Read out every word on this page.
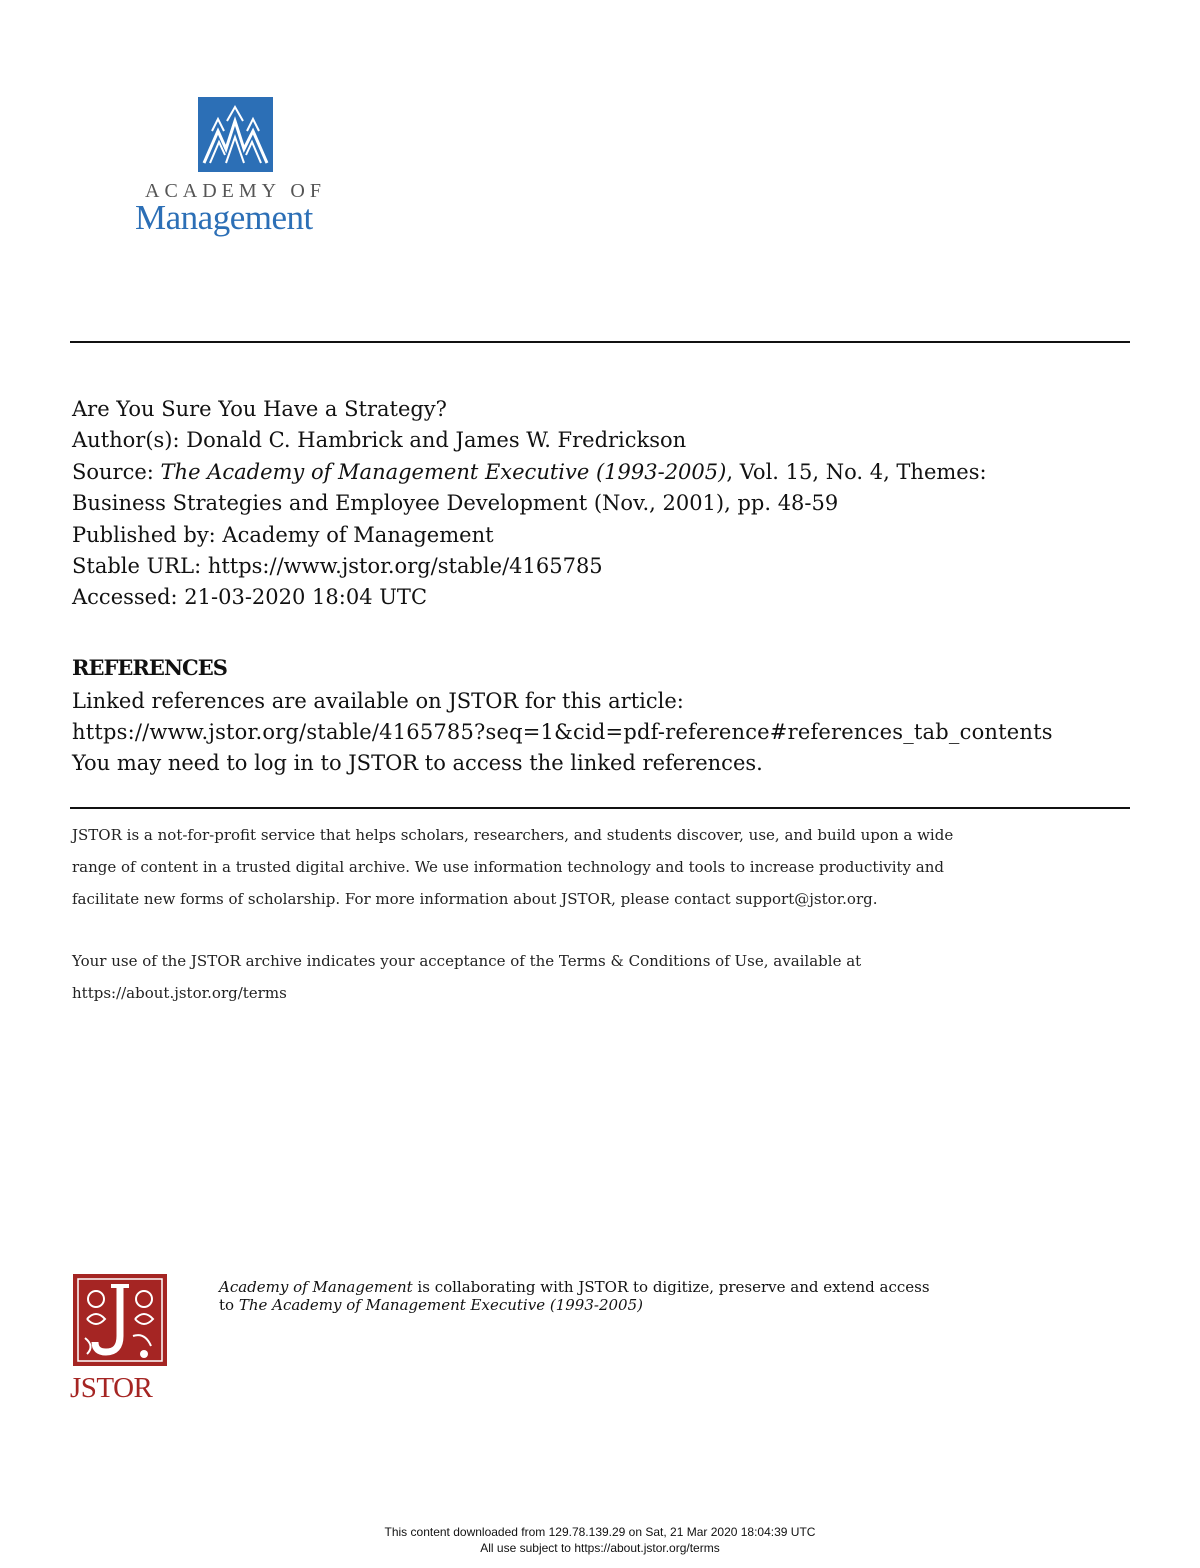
ACADEMY OF
Management
Are You Sure You Have a Strategy?
Author(s): Donald C. Hambrick and James W. Fredrickson
Source: The Academy of Management Executive (1993-2005), Vol. 15, No. 4, Themes:
Business Strategies and Employee Development (Nov., 2001), pp. 48-59
Published by: Academy of Management
Stable URL: https://www.jstor.org/stable/4165785
Accessed: 21-03-2020 18:04 UTC
REFERENCES
Linked references are available on JSTOR for this article:
https://www.jstor.org/stable/4165785?seq=1&cid=pdf-reference#references_tab_contents
You may need to log in to JSTOR to access the linked references.
JSTOR is a not-for-profit service that helps scholars, researchers, and students discover, use, and build upon a wide
range of content in a trusted digital archive. We use information technology and tools to increase productivity and
facilitate new forms of scholarship. For more information about JSTOR, please contact support@jstor.org.
Your use of the JSTOR archive indicates your acceptance of the Terms & Conditions of Use, available at
https://about.jstor.org/terms
JSTOR
Academy of Management is collaborating with JSTOR to digitize, preserve and extend access
to The Academy of Management Executive (1993-2005)
This content downloaded from 129.78.139.29 on Sat, 21 Mar 2020 18:04:39 UTC
All use subject to https://about.jstor.org/terms
